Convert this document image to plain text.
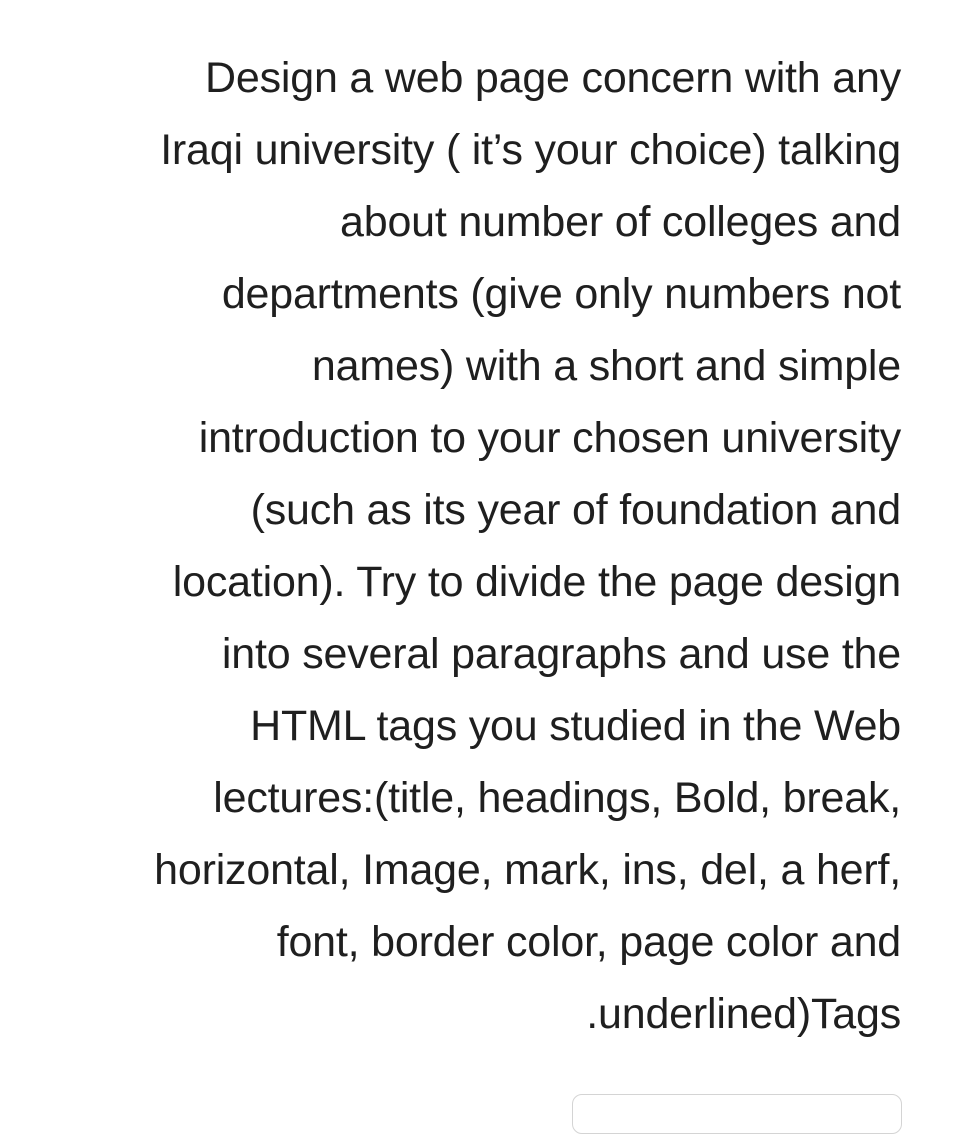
Design a web page concern with any
Iraqi university ( it’s your choice) talking
about number of colleges and
departments (give only numbers not
names) with a short and simple
introduction to your chosen university
(such as its year of foundation and
location). Try to divide the page design
into several paragraphs and use the
HTML tags you studied in the Web
lectures:(title, headings, Bold, break,
horizontal, Image, mark, ins, del, a herf,
font, border color, page color and
.underlined)Tags
